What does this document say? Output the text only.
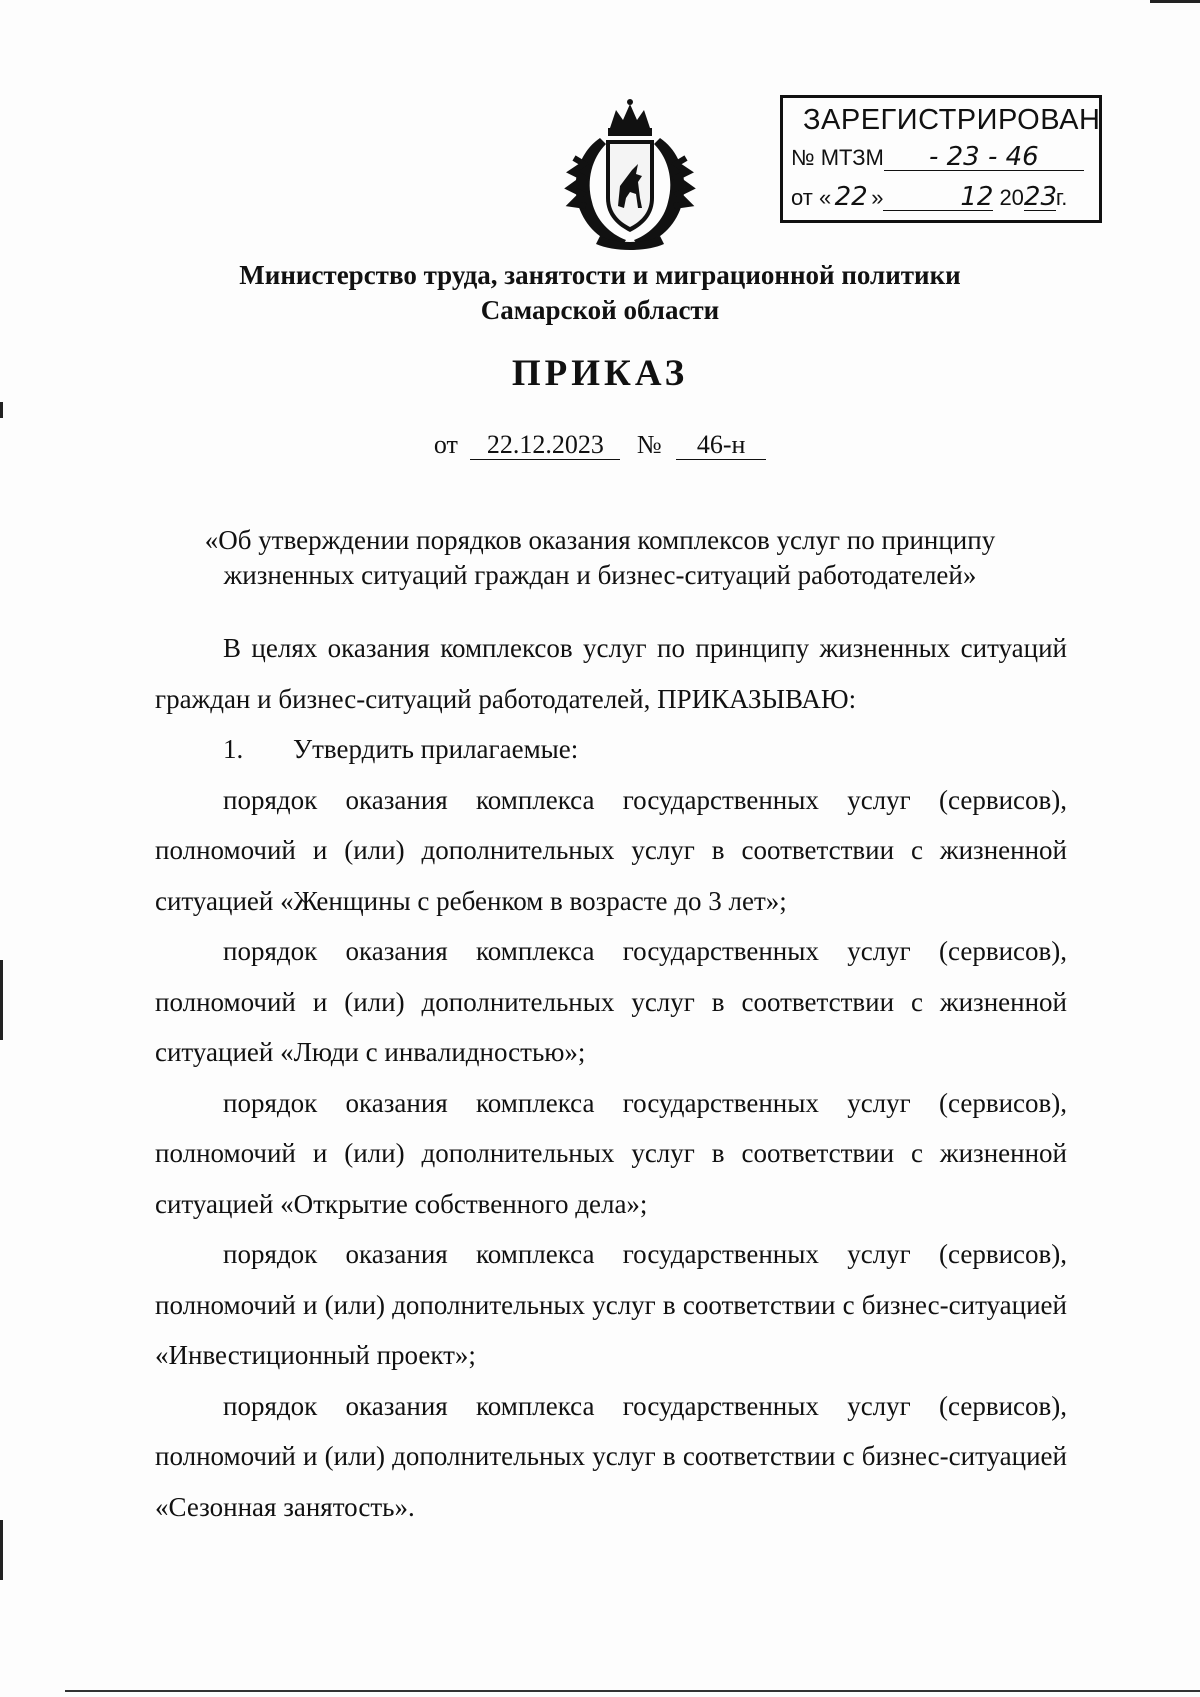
ЗАРЕГИСТРИРОВАН
№ МТЗМ - 23 - 46
от « 22 »	12 2023г.
Министерство труда, занятости и миграционной политики
Самарской области
ПРИКАЗ
от 22.12.2023 № 46-н
«Об утверждении порядков оказания комплексов услуг по принципу
жизненных ситуаций граждан и бизнес-ситуаций работодателей»

В целях оказания комплексов услуг по принципу жизненных ситуаций граждан и бизнес-ситуаций работодателей, ПРИКАЗЫВАЮ:

1. Утвердить прилагаемые:

порядок оказания комплекса государственных услуг (сервисов), полномочий и (или) дополнительных услуг в соответствии с жизненной ситуацией «Женщины с ребенком в возрасте до 3 лет»;

порядок оказания комплекса государственных услуг (сервисов), полномочий и (или) дополнительных услуг в соответствии с жизненной ситуацией «Люди с инвалидностью»;

порядок оказания комплекса государственных услуг (сервисов), полномочий и (или) дополнительных услуг в соответствии с жизненной ситуацией «Открытие собственного дела»;

порядок оказания комплекса государственных услуг (сервисов), полномочий и (или) дополнительных услуг в соответствии с бизнес-ситуацией «Инвестиционный проект»;

порядок оказания комплекса государственных услуг (сервисов), полномочий и (или) дополнительных услуг в соответствии с бизнес-ситуацией «Сезонная занятость».
